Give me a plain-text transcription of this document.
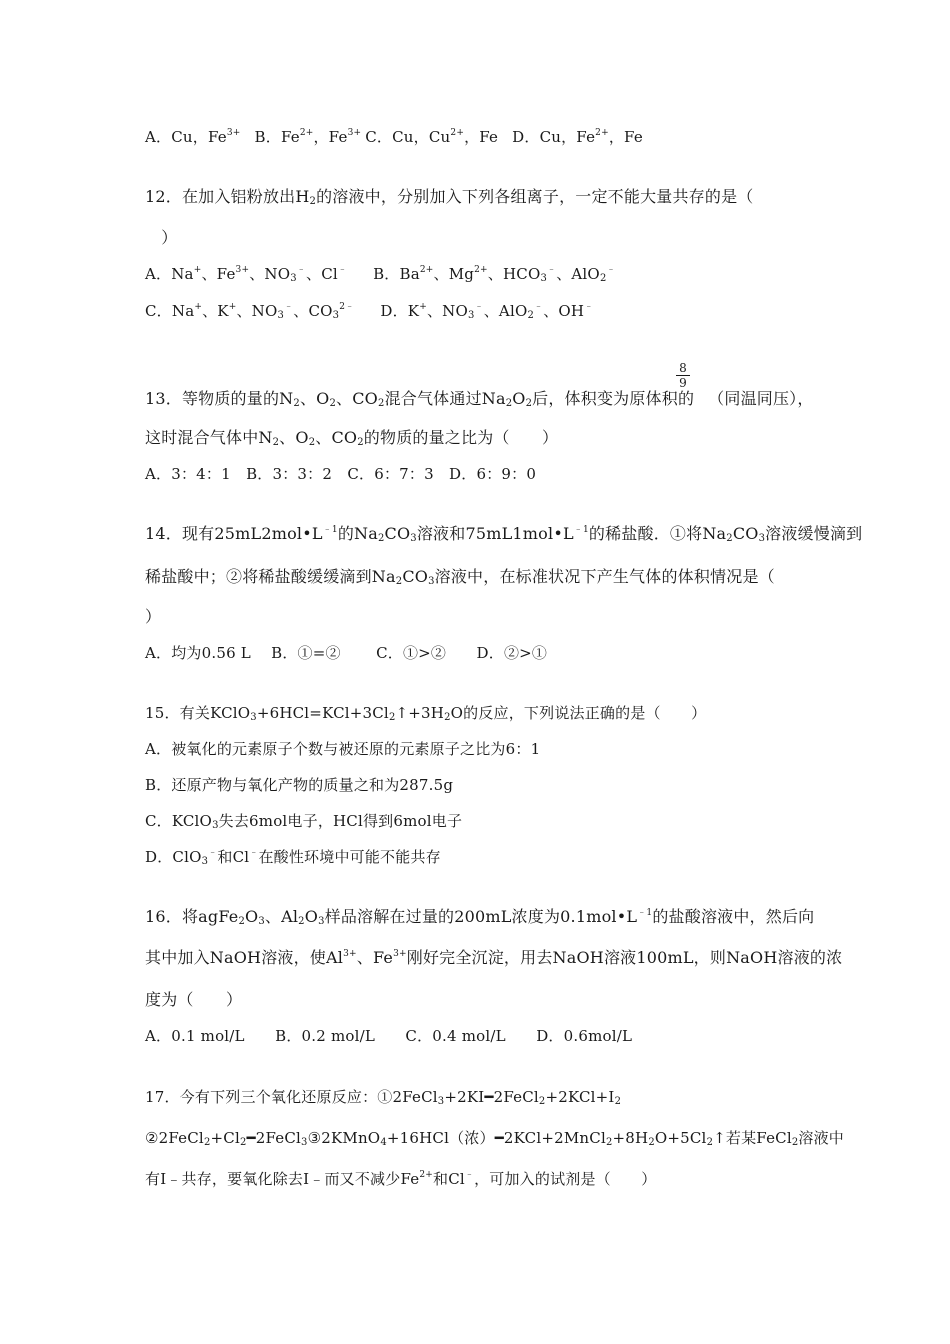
A．Cu，$Fe^{3+}$ B．$Fe^{2+}$，$Fe^{3+}$ C．Cu，$Cu^{2+}$，Fe D．Cu，$Fe^{2+}$，Fe
12．在加入铝粉放出$H_2$的溶液中，分别加入下列各组离子，一定不能大量共存的是（
　）
A．Na+、$Fe^{3+}$、$NO_3^﹣$、Cl﹣ B．$Ba^{2+}$、$Mg^{2+}$、$HCO_3^﹣$、AlO$_2$﹣
C．Na+、K+、$NO_3^﹣$、$CO_3^{2﹣}$ D．K+、$NO_3^﹣$、AlO$_2$﹣、OH﹣
8
9
13．等物质的量的$N_2$、$O_2$、$CO_2$混合气体通过$Na_2O_2$后，体积变为原体积的 （同温同压），
这时混合气体中$N_2$、$O_2$、$CO_2$的物质的量之比为（　　）
A．3：4：1　B．3：3：2　C．6：7：3　D．6：9：0
14．现有$25mL2mol•L^{﹣1}$的$Na_2CO_3$溶液和$75mL1mol•L^{﹣1}$的稀盐酸．①将$Na_2CO_3$溶液缓慢滴到
稀盐酸中；②将稀盐酸缓缓滴到$Na_2CO_3$溶液中，在标准状况下产生气体的体积情况是（
）
A．均为0.56 L　 B．①=②　　 C．①>②　　D．②>①
15．有关$KClO_3+6HCl=KCl+3Cl_2↑+3H_2O$的反应，下列说法正确的是（　　）
A．被氧化的元素原子个数与被还原的元素原子之比为6：1
B．还原产物与氧化产物的质量之和为287.5g
C．KClO$_3$失去6mol电子，HCl得到6mol电子
D．ClO$_3$﹣和Cl﹣在酸性环境中可能不能共存
16．将$agFe_2O_3$、$Al_2O_3$样品溶解在过量的200mL浓度为$0.1mol•L^{﹣1}$的盐酸溶液中，然后向
其中加入NaOH溶液，使$Al^{3+}$、$Fe^{3+}$刚好完全沉淀，用去NaOH溶液100mL，则NaOH溶液的浓
度为（　　）
A．0.1 mol/L　　B．0.2 mol/L　　C．0.4 mol/L　　D．0.6mol/L
17．今有下列三个氧化还原反应：$①2FeCl_3+2KI━2FeCl_2+2KCl+I_2$
$②2FeCl_2+Cl_2━2FeCl_3③2KMnO_4+16HCl$（浓）$━2KCl+2MnCl_2+8H_2O+5Cl_2↑$若某FeCl$_2$溶液中
有I﹣共存，要氧化除去I﹣而又不减少$Fe^{2+}$和Cl﹣，可加入的试剂是（　　）
